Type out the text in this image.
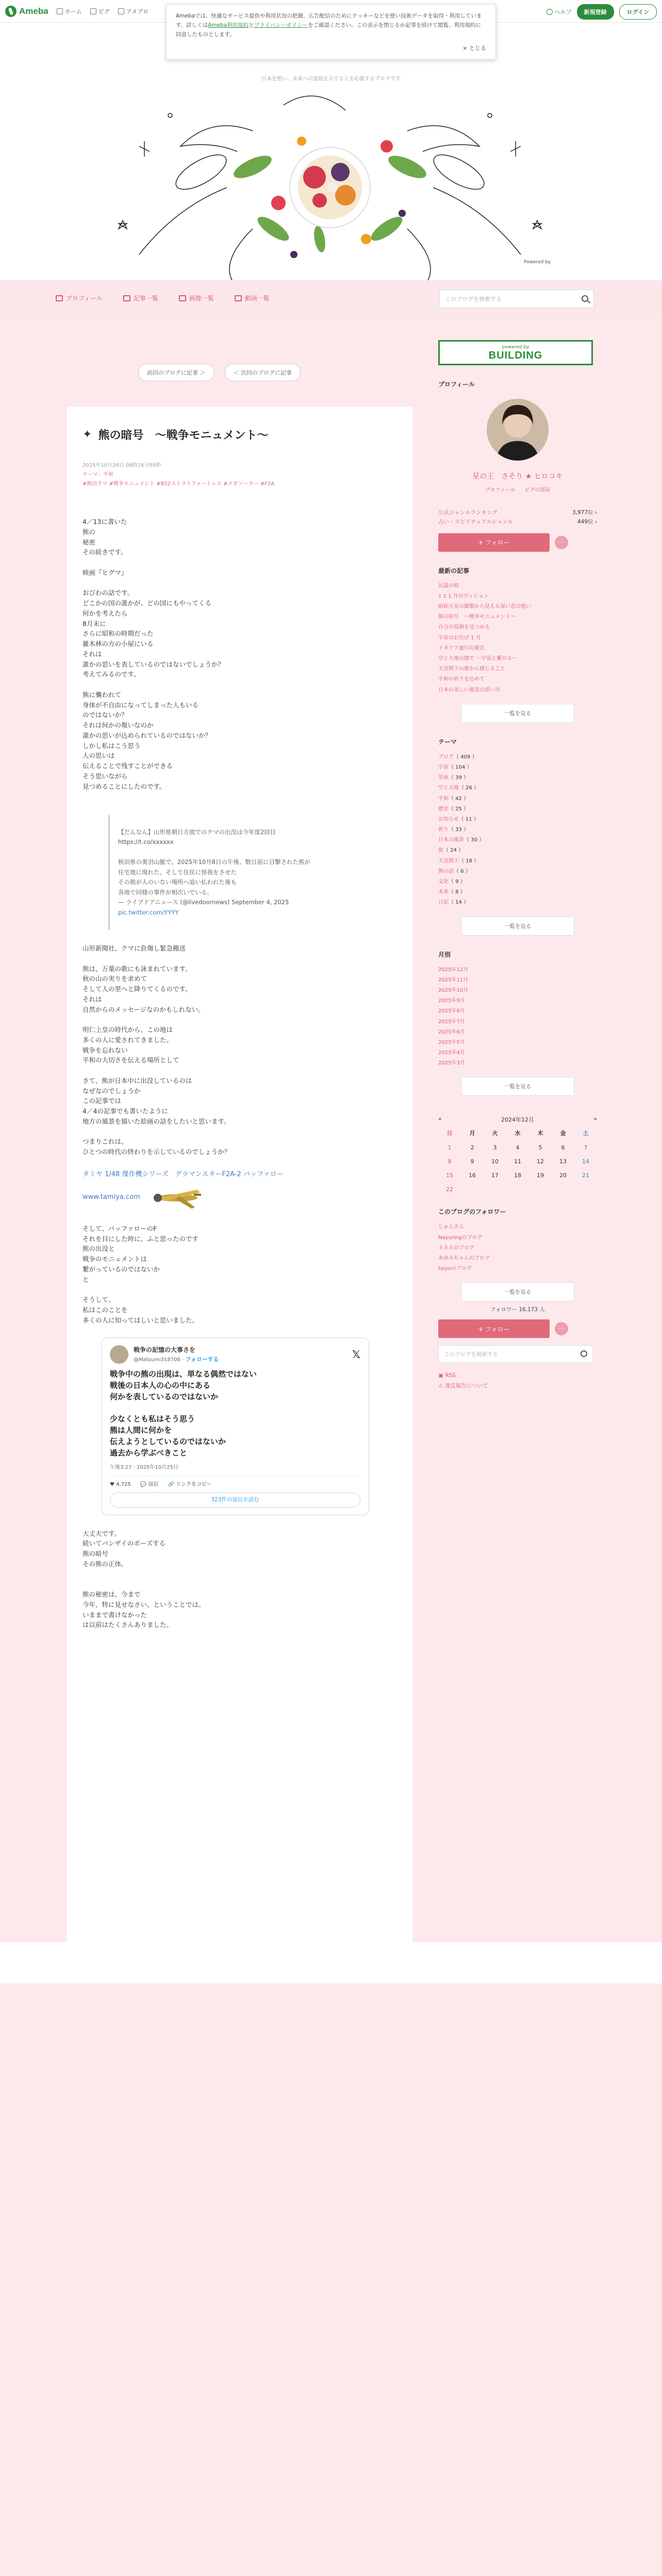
Ameba	ホーム	ピグ	アメブロ	ヘルプ	新規登録	ログイン
Amebaでは、快適なサービス提供や利用状況の把握、広告配信のためにクッキーなどを使い技術データを取得・利用しています。詳しくはAmeba利用規約とプライバシーポリシーをご確認ください。この表示を閉じるか記事を続けて閲覧、利用規約に同意したものとします。
× とじる
日本を想い、未来への道筋を立てる人を応援するブログです
Powered by
プロフィール	記事一覧	画像一覧	動画一覧	このブログを検索する
前回のブログに記事 ＞	＜ 次回のブログに記事
✦ 熊の暗号　〜戦争モニュメント〜
2025年10月26日 08時16分55秒
テーマ：平和
#秋田クマ #戦争モニュメント #B52ストラトフォートレス #メガソーラー #F2A
4／13に書いた
熊の
秘密
その続きです。

映画『ヒグマ』

おびわの話です。
どこかの国の誰かが、どの国にもやってくる
何かを考えたら
8月末に
さらに昭和の時期だった
雑木林の方の小屋にいる
それは
誰かの思いを表しているのではないでしょうか？
考えてみるのです。

熊に襲われて
身体が不自由になってしまった人もいる
のではないか？
それは何かの報いなのか
誰かの思いが込められているのではないか？
しかし私はこう思う
人の思いは
伝えることで残すことができる
そう思いながら
見つめることにしたのです。

【だんなん】山形県朝日方面でのクマの出没は今年度2回目
https://t.co/xxxxxx

秋田県の奥羽山脈で、2025年10月8日の午後、数日前に目撃された熊が
住宅地に現れた。そして住民に怪我をさせた
その熊が人のいない場所へ追い払われた後も
各地で同様の事件が相次いでいる。
— ライブドアニュース (@livedoornews) September 4, 2025

pic.twitter.com/YYYY

山形新聞社、クマに負傷し緊急搬送

熊は、万葉の歌にも詠まれています。
秋の山の実りを求めて
そして人の里へと降りてくるのです。
それは
自然からのメッセージなのかもしれない。

明仁上皇の時代から、この地は
多くの人に愛されてきました。
戦争を忘れない
平和の大切さを伝える場所として

さて、熊が日本中に出没しているのは
なぜなのでしょうか
この記事では
4／4の記事でも書いたように
地方の風景を描いた絵画の話をしたいと思います。

つまりこれは、
ひとつの時代の終わりを示しているのでしょうか？
タミヤ 1/48 傑作機シリーズ　グラマンスターF2A-2 バッファロー
www.tamiya.com
そして、バッファローのF
それを目にした時に、ふと思ったのです
熊の出没と
戦争のモニュメントは
繋がっているのではないか
と

そうして、
私はこのことを
多くの人に知ってほしいと思いました。
戦争の記憶の大事さを
@Matsumi318706 · フォローする	𝕏
戦争中の熊の出現は、単なる偶然ではない
戦後の日本人の心の中にある
何かを表しているのではないか

少なくとも私はそう思う
熊は人間に何かを
伝えようとしているのではないか
過去から学ぶべきこと
午後3:27 · 2025年10月25日
♥ 4,725 💬 返信 🔗 リンクをコピー
323件の返信を読む
大丈夫です。
続いてバンザイのポーズする
熊の暗号
その熊の正体。

熊の秘密は、今まで
今年、特に見せなさい、ということでは。
いままで書けなかった
は以前はたくさんありました。
powered by
BUILDING
プロフィール
星の王　さそり ★ ヒロコキ
プロフィール ピグの部屋
公式ジャンルランキング	3,977位 ›
占い・スピリチュアルジャンル	449位 ›
+ フォロー	···
最新の記事
民謡の唄
1 1 1 月のヴィジョン
昭和天皇の御製から見える深い恋の想い
熊の暗号　〜戦争モニュメント〜
自分の役割を見つめる
宇宙のお告げ 1 月
イタリア旅行の報告
空と大地の間で 〜宇宙と繋がる〜
天皇陛下の歌から感じること
平和の祈りを込めて
日本の美しい風景の思い出
一覧を見る
テーマ
ブログ（ 409 ）
宇宙（ 104 ）
星座（ 39 ）
空と大地（ 26 ）
平和（ 42 ）
歴史（ 25 ）
お知らせ（ 11 ）
祈り（ 33 ）
日本の風景（ 30 ）
旅（ 24 ）
天皇陛下（ 18 ）
熊の話（ 6 ）
文化（ 9 ）
未来（ 8 ）
日記（ 14 ）
一覧を見る
月別
2025年12月
2025年11月
2025年10月
2025年9月
2025年8月
2025年7月
2025年6月
2025年5月
2025年4月
2025年3月
一覧を見る
«	2024年12月	»
日	月	火	水	木	金	土
1	2	3	4	5	6	7
8	9	10	11	12	13	14
15	16	17	18	19	20	21
22
このブログのフォロワー
じゅんさん
Nayuringのブログ
ネネネのブログ
あゆみちゃんのブログ
taiyoのブログ
一覧を見る
フォロワー 16,173 人
+ フォロー	···
このブログを検索する
▣ RSS
⚠ 違反報告について
